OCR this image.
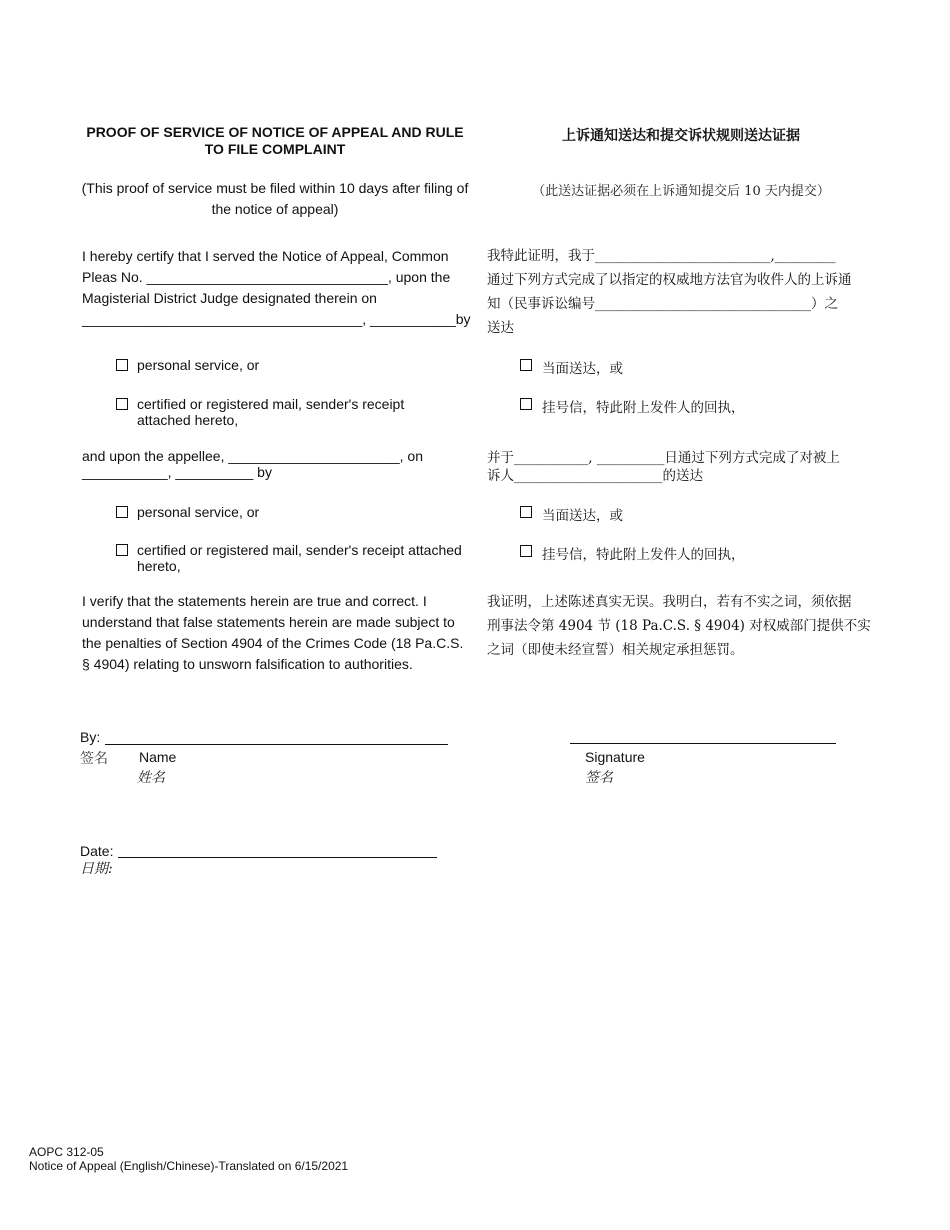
PROOF OF SERVICE OF NOTICE OF APPEAL AND RULE TO FILE COMPLAINT
上诉通知送达和提交诉状规则送达证据
(This proof of service must be filed within 10 days after filing of the notice of appeal)
（此送达证据必须在上诉通知提交后 10 天内提交）
I hereby certify that I served the Notice of Appeal, Common
Pleas No. _______________________________, upon the
Magisterial District Judge designated therein on
____________________________________, ___________by
我特此证明，我于__________________________,_________
通过下列方式完成了以指定的权威地方法官为收件人的上诉通
知（民事诉讼编号________________________________）之
送达
personal service, or
certified or registered mail, sender's receipt attached hereto,
当面送达，或
挂号信，特此附上发件人的回执，
and upon the appellee, ______________________, on
___________, __________ by
并于___________, __________日通过下列方式完成了对被上
诉人______________________的送达
personal service, or
certified or registered mail, sender's receipt attached hereto,
当面送达，或
挂号信，特此附上发件人的回执，
I verify that the statements herein are true and correct. I understand that false statements herein are made subject to the penalties of Section 4904 of the Crimes Code (18 Pa.C.S. § 4904) relating to unsworn falsification to authorities.
我证明，上述陈述真实无误。我明白，若有不实之词，须依据
刑事法令第 4904 节 (18 Pa.C.S. § 4904) 对权威部门提供不实
之词（即使未经宣誓）相关规定承担惩罚。
By:
签名 Name
姓名
Signature
签名
Date:
日期:
AOPC 312-05
Notice of Appeal (English/Chinese)-Translated on 6/15/2021
